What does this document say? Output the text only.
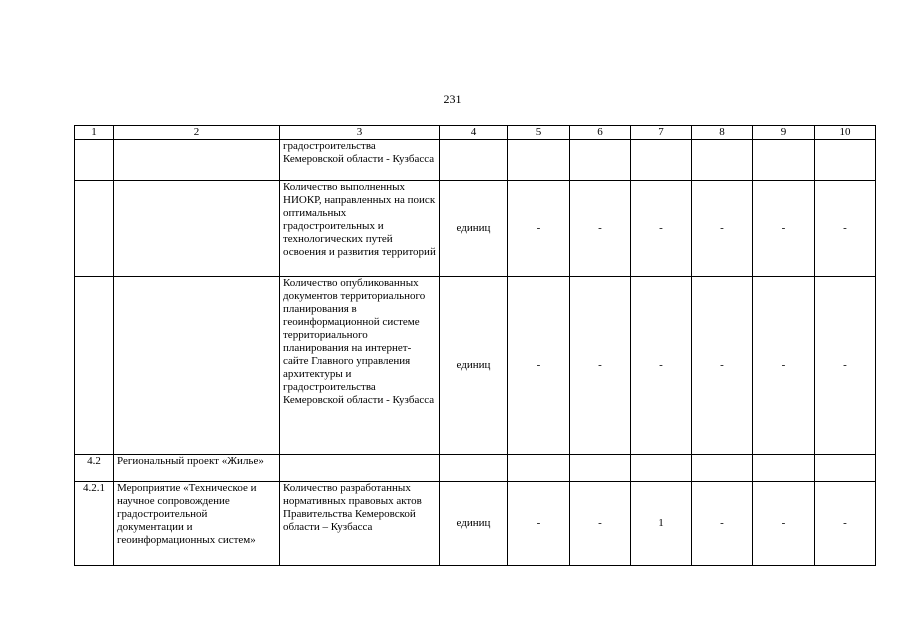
231
1	2	3	4	5	6	7	8	9	10
		градостроительства Кемеровской области - Кузбасса							
		Количество выполненных НИОКР, направленных на поиск оптимальных градостроительных и технологических путей освоения и развития территорий	единиц	-	-	-	-	-	-
		Количество опубликованных документов территориального планирования в геоинформационной системе территориального планирования на интернет-сайте Главного управления архитектуры и градостроительства Кемеровской области - Кузбасса	единиц	-	-	-	-	-	-
4.2	Региональный проект «Жилье»								
4.2.1	Мероприятие «Техническое и научное сопровождение градостроительной документации и геоинформационных систем»	Количество разработанных нормативных правовых актов Правительства Кемеровской области – Кузбасса	единиц	-	-	1	-	-	-
